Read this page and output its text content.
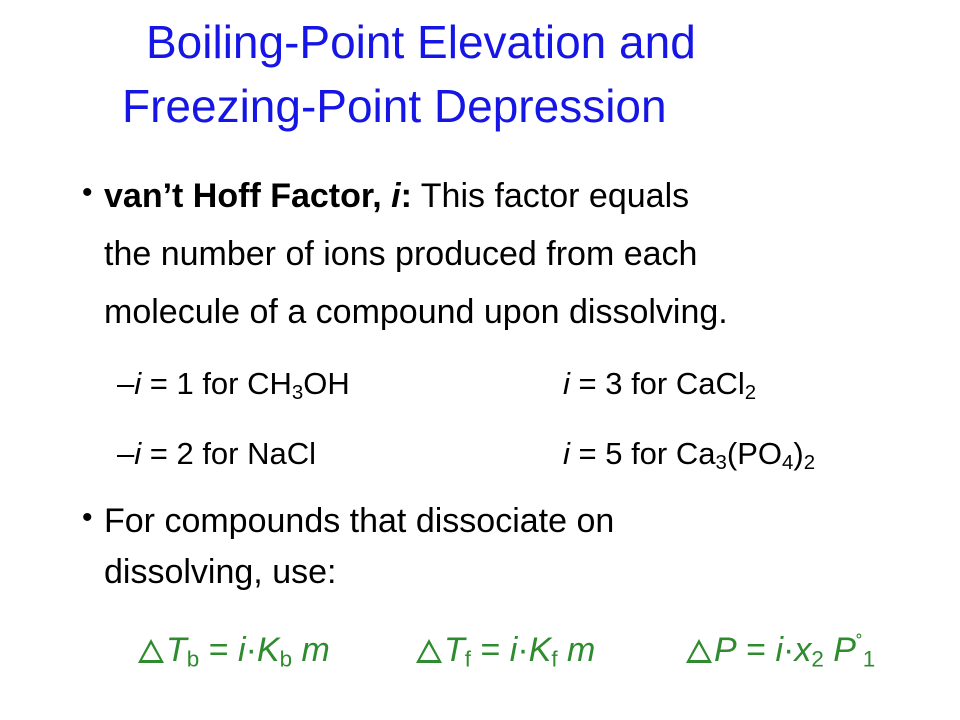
Boiling-Point Elevation and
Freezing-Point Depression
• van’t Hoff Factor, i: This factor equals
the number of ions produced from each
molecule of a compound upon dissolving.
–i = 1 for $CH_3OH$	i = 3 for CaCl$_2$
–i = 2 for NaCl	i = 5 for $Ca_3(PO_4)_2$
• For compounds that dissociate on
dissolving, use:
$T_b = i\cdot K_b$ m	$T_f = i\cdot K_f$ m	$P = i\cdot x_2$ $P^˚_1$
